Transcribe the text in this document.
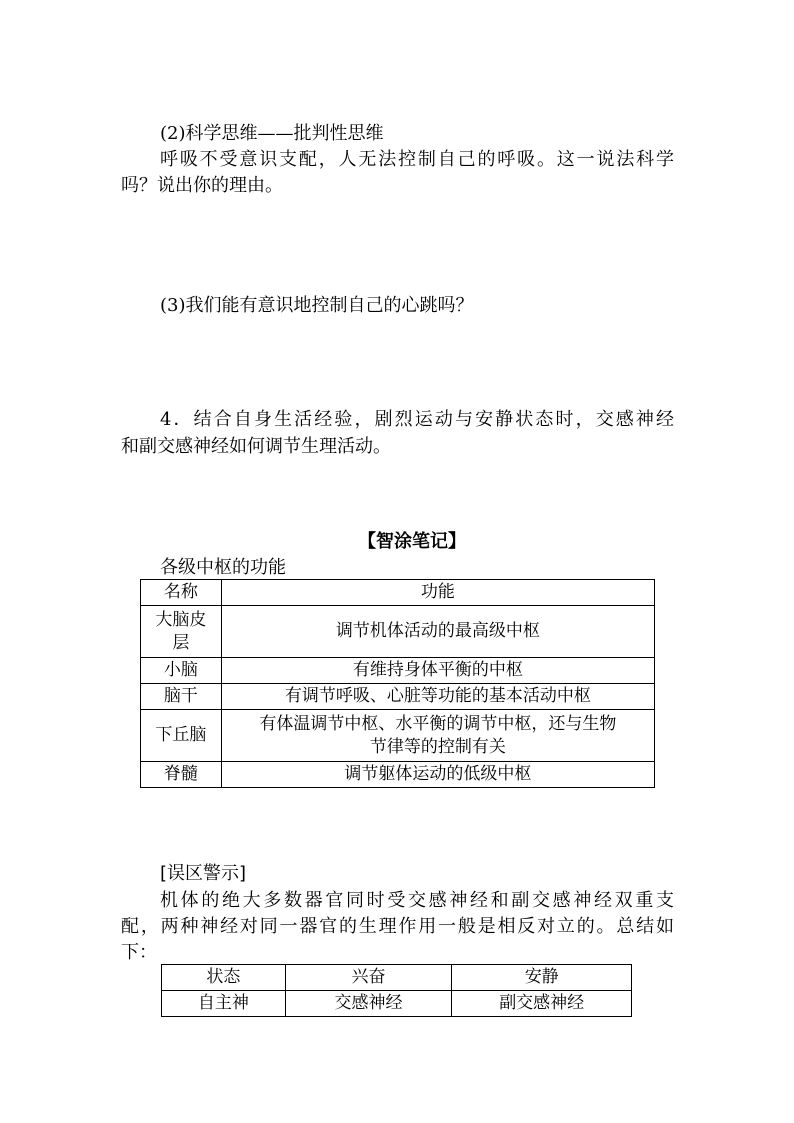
(2)科学思维——批判性思维
呼吸不受意识支配，人无法控制自己的呼吸。这一说法科学
吗？说出你的理由。
(3)我们能有意识地控制自己的心跳吗？
4．结合自身生活经验，剧烈运动与安静状态时，交感神经
和副交感神经如何调节生理活动。
【智涂笔记】
各级中枢的功能
名称	功能
大脑皮
层	调节机体活动的最高级中枢
小脑	有维持身体平衡的中枢
脑干	有调节呼吸、心脏等功能的基本活动中枢
下丘脑	有体温调节中枢、水平衡的调节中枢，还与生物
节律等的控制有关
脊髓	调节躯体运动的低级中枢
[误区警示]
机体的绝大多数器官同时受交感神经和副交感神经双重支
配，两种神经对同一器官的生理作用一般是相反对立的。总结如
下：
状态	兴奋	安静
自主神	交感神经	副交感神经
